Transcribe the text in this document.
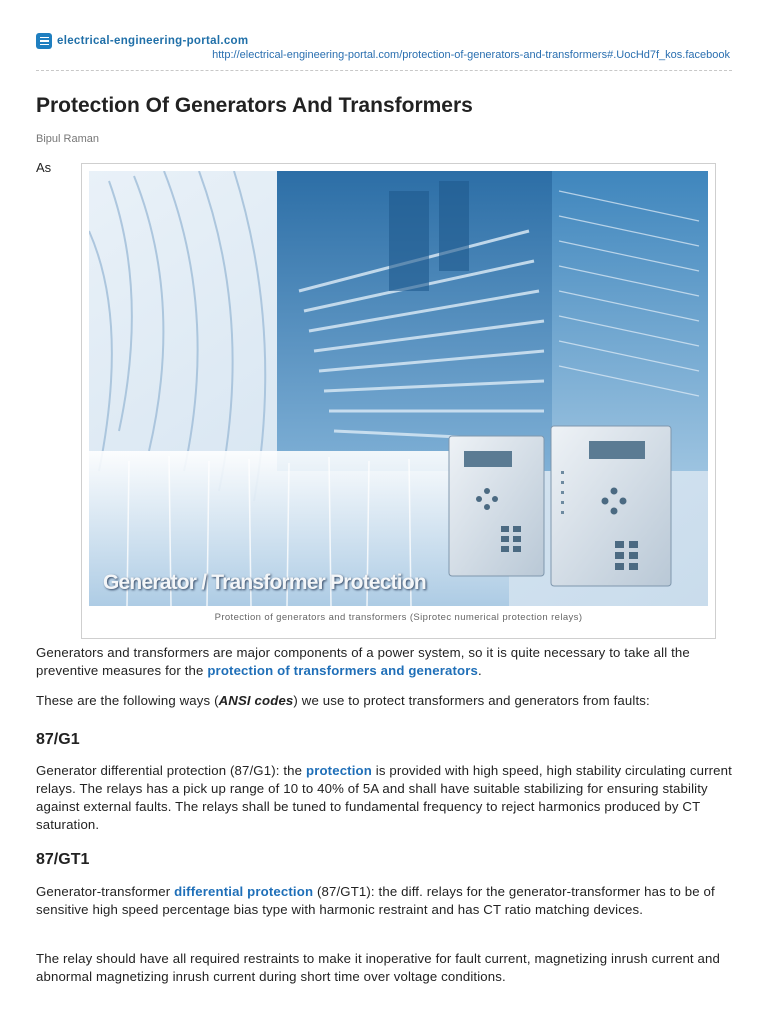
electrical-engineering-portal.com
http://electrical-engineering-portal.com/protection-of-generators-and-transformers#.UocHd7f_kos.facebook
Protection Of Generators And Transformers
Bipul Raman
As
Generator / Transformer Protection
Protection of generators and transformers (Siprotec numerical protection relays)

Generators and transformers are major components of a power system, so it is quite necessary to take all the preventive measures for the protection of transformers and generators.

These are the following ways (ANSI codes) we use to protect transformers and generators from faults:

87/G1

Generator differential protection (87/G1): the protection is provided with high speed, high stability circulating current relays. The relays has a pick up range of 10 to 40% of 5A and shall have suitable stabilizing for ensuring stability against external faults. The relays shall be tuned to fundamental frequency to reject harmonics produced by CT saturation.

87/GT1

Generator-transformer differential protection (87/GT1): the diff. relays for the generator-transformer has to be of sensitive high speed percentage bias type with harmonic restraint and has CT ratio matching devices.

The relay should have all required restraints to make it inoperative for fault current, magnetizing inrush current and abnormal magnetizing inrush current during short time over voltage conditions.
